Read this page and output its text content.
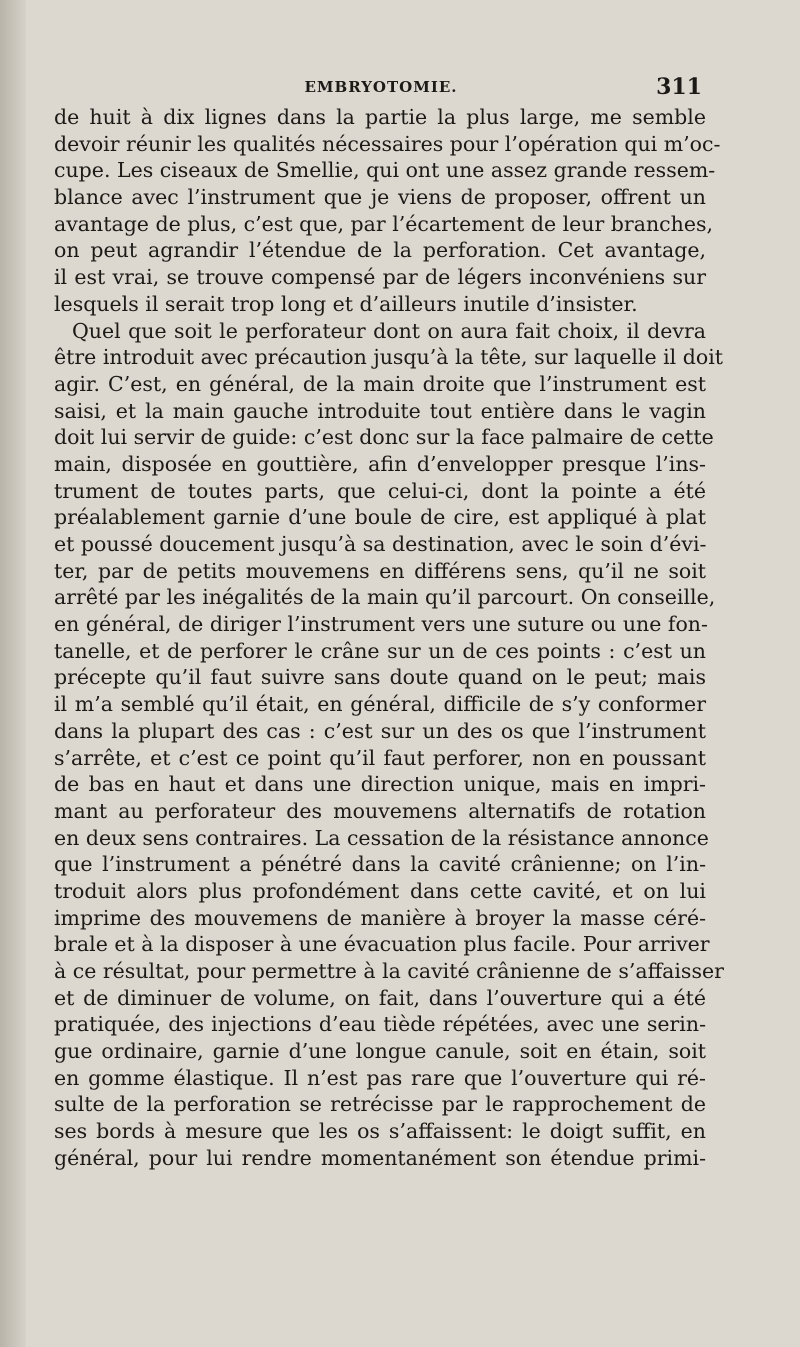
EMBRYOTOMIE.	311
de huit à dix lignes dans la partie la plus large, me semble
devoir réunir les qualités nécessaires pour l’opération qui m’oc-
cupe. Les ciseaux de Smellie, qui ont une assez grande ressem-
blance avec l’instrument que je viens de proposer, offrent un
avantage de plus, c’est que, par l’écartement de leur branches,
on peut agrandir l’étendue de la perforation. Cet avantage,
il est vrai, se trouve compensé par de légers inconvéniens sur
lesquels il serait trop long et d’ailleurs inutile d’insister.
Quel que soit le perforateur dont on aura fait choix, il devra
être introduit avec précaution jusqu’à la tête, sur laquelle il doit
agir. C’est, en général, de la main droite que l’instrument est
saisi, et la main gauche introduite tout entière dans le vagin
doit lui servir de guide: c’est donc sur la face palmaire de cette
main, disposée en gouttière, afin d’envelopper presque l’ins-
trument de toutes parts, que celui-ci, dont la pointe a été
préalablement garnie d’une boule de cire, est appliqué à plat
et poussé doucement jusqu’à sa destination, avec le soin d’évi-
ter, par de petits mouvemens en différens sens, qu’il ne soit
arrêté par les inégalités de la main qu’il parcourt. On conseille,
en général, de diriger l’instrument vers une suture ou une fon-
tanelle, et de perforer le crâne sur un de ces points : c’est un
précepte qu’il faut suivre sans doute quand on le peut; mais
il m’a semblé qu’il était, en général, difficile de s’y conformer
dans la plupart des cas : c’est sur un des os que l’instrument
s’arrête, et c’est ce point qu’il faut perforer, non en poussant
de bas en haut et dans une direction unique, mais en impri-
mant au perforateur des mouvemens alternatifs de rotation
en deux sens contraires. La cessation de la résistance annonce
que l’instrument a pénétré dans la cavité crânienne; on l’in-
troduit alors plus profondément dans cette cavité, et on lui
imprime des mouvemens de manière à broyer la masse céré-
brale et à la disposer à une évacuation plus facile. Pour arriver
à ce résultat, pour permettre à la cavité crânienne de s’affaisser
et de diminuer de volume, on fait, dans l’ouverture qui a été
pratiquée, des injections d’eau tiède répétées, avec une serin-
gue ordinaire, garnie d’une longue canule, soit en étain, soit
en gomme élastique. Il n’est pas rare que l’ouverture qui ré-
sulte de la perforation se retrécisse par le rapprochement de
ses bords à mesure que les os s’affaissent: le doigt suffit, en
général, pour lui rendre momentanément son étendue primi-
